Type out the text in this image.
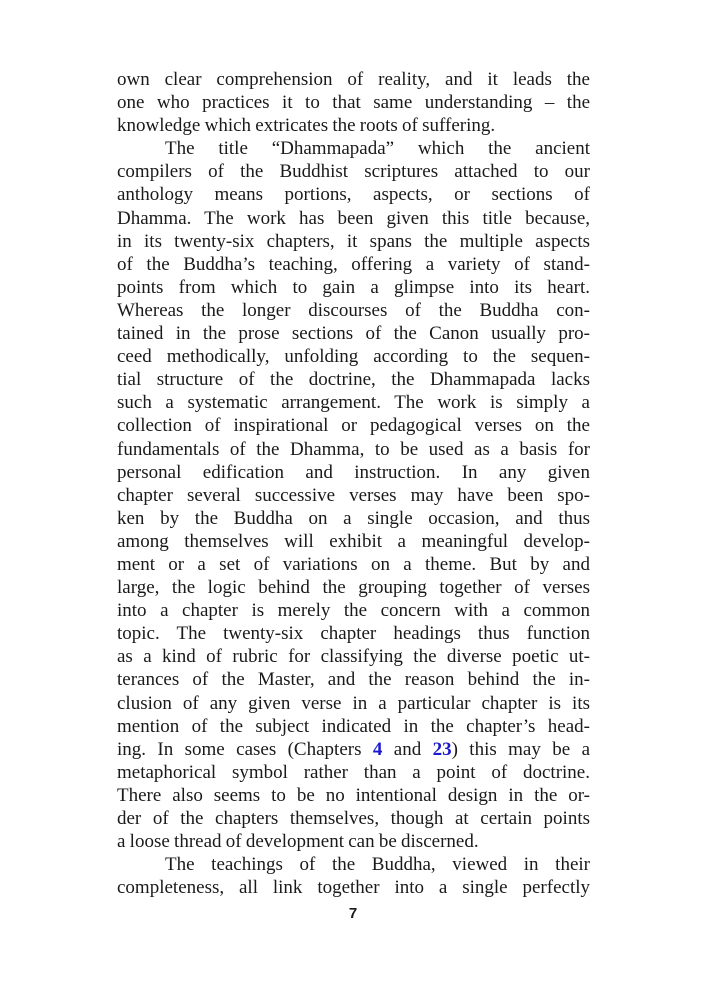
own clear comprehension of reality, and it leads the
one who practices it to that same understanding – the
knowledge which extricates the roots of suffering.
The title “Dhammapada” which the ancient
compilers of the Buddhist scriptures attached to our
anthology means portions, aspects, or sections of
Dhamma. The work has been given this title because,
in its twenty-six chapters, it spans the multiple aspects
of the Buddha’s teaching, offering a variety of stand-
points from which to gain a glimpse into its heart.
Whereas the longer discourses of the Buddha con-
tained in the prose sections of the Canon usually pro-
ceed methodically, unfolding according to the sequen-
tial structure of the doctrine, the Dhammapada lacks
such a systematic arrangement. The work is simply a
collection of inspirational or pedagogical verses on the
fundamentals of the Dhamma, to be used as a basis for
personal edification and instruction. In any given
chapter several successive verses may have been spo-
ken by the Buddha on a single occasion, and thus
among themselves will exhibit a meaningful develop-
ment or a set of variations on a theme. But by and
large, the logic behind the grouping together of verses
into a chapter is merely the concern with a common
topic. The twenty-six chapter headings thus function
as a kind of rubric for classifying the diverse poetic ut-
terances of the Master, and the reason behind the in-
clusion of any given verse in a particular chapter is its
mention of the subject indicated in the chapter’s head-
ing. In some cases (Chapters 4 and 23) this may be a
metaphorical symbol rather than a point of doctrine.
There also seems to be no intentional design in the or-
der of the chapters themselves, though at certain points
a loose thread of development can be discerned.
The teachings of the Buddha, viewed in their
completeness, all link together into a single perfectly
7
